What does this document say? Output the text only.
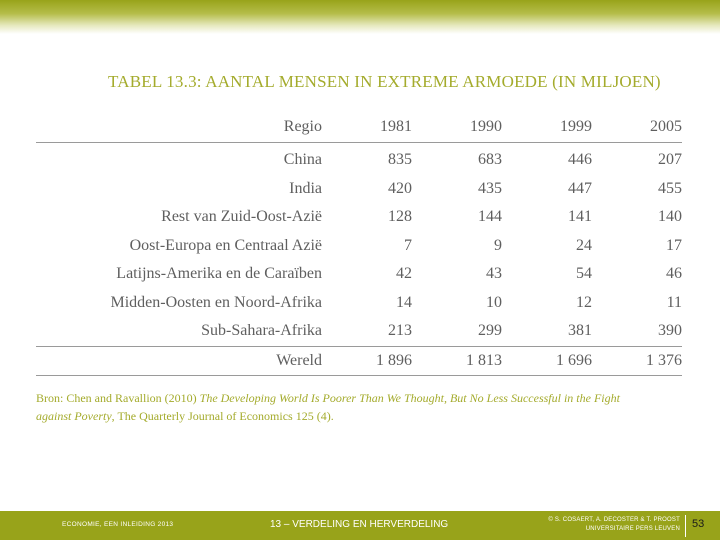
TABEL 13.3: AANTAL MENSEN IN EXTREME ARMOEDE (IN MILJOEN)
Regio	1981	1990	1999	2005
China	835	683	446	207
India	420	435	447	455
Rest van Zuid-Oost-Azië	128	144	141	140
Oost-Europa en Centraal Azië	7	9	24	17
Latijns-Amerika en de Caraïben	42	43	54	46
Midden-Oosten en Noord-Afrika	14	10	12	11
Sub-Sahara-Afrika	213	299	381	390
Wereld	1 896	1 813	1 696	1 376
Bron: Chen and Ravallion (2010) The Developing World Is Poorer Than We Thought, But No Less Successful in the Fight against Poverty, The Quarterly Journal of Economics 125 (4).
ECONOMIE, EEN INLEIDING 2013	13 – VERDELING EN HERVERDELING	© S. COSAERT, A. DECOSTER & T. PROOST
UNIVERSITAIRE PERS LEUVEN 53
